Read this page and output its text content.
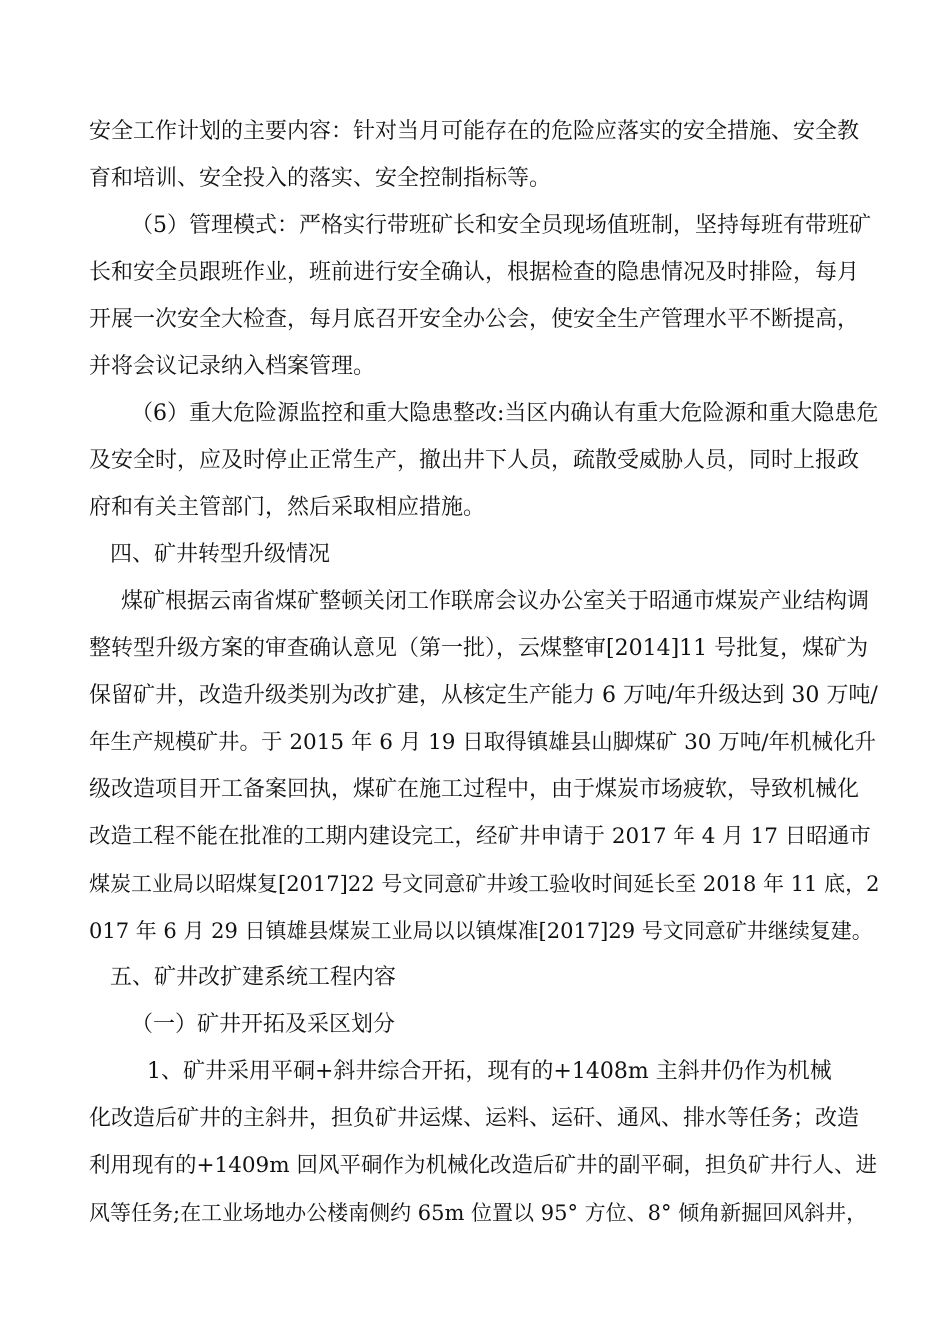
安全工作计划的主要内容：针对当月可能存在的危险应落实的安全措施、安全教
育和培训、安全投入的落实、安全控制指标等。
（5）管理模式：严格实行带班矿长和安全员现场值班制，坚持每班有带班矿
长和安全员跟班作业，班前进行安全确认，根据检查的隐患情况及时排险，每月
开展一次安全大检查，每月底召开安全办公会，使安全生产管理水平不断提高，
并将会议记录纳入档案管理。
（6）重大危险源监控和重大隐患整改:当区内确认有重大危险源和重大隐患危
及安全时，应及时停止正常生产，撤出井下人员，疏散受威胁人员，同时上报政
府和有关主管部门，然后采取相应措施。
四、矿井转型升级情况
煤矿根据云南省煤矿整顿关闭工作联席会议办公室关于昭通市煤炭产业结构调
整转型升级方案的审查确认意见（第一批），云煤整审[2014]11 号批复，煤矿为
保留矿井，改造升级类别为改扩建，从核定生产能力 6 万吨/年升级达到 30 万吨/
年生产规模矿井。于 2015 年 6 月 19 日取得镇雄县山脚煤矿 30 万吨/年机械化升
级改造项目开工备案回执，煤矿在施工过程中，由于煤炭市场疲软，导致机械化
改造工程不能在批准的工期内建设完工，经矿井申请于 2017 年 4 月 17 日昭通市
煤炭工业局以昭煤复[2017]22 号文同意矿井竣工验收时间延长至 2018 年 11 底，2
017 年 6 月 29 日镇雄县煤炭工业局以以镇煤准[2017]29 号文同意矿井继续复建。
五、矿井改扩建系统工程内容
（一）矿井开拓及采区划分
1、矿井采用平硐+斜井综合开拓，现有的+1408m 主斜井仍作为机械
化改造后矿井的主斜井，担负矿井运煤、运料、运矸、通风、排水等任务；改造
利用现有的+1409m 回风平硐作为机械化改造后矿井的副平硐，担负矿井行人、进
风等任务;在工业场地办公楼南侧约 65m 位置以 95° 方位、8° 倾角新掘回风斜井，
